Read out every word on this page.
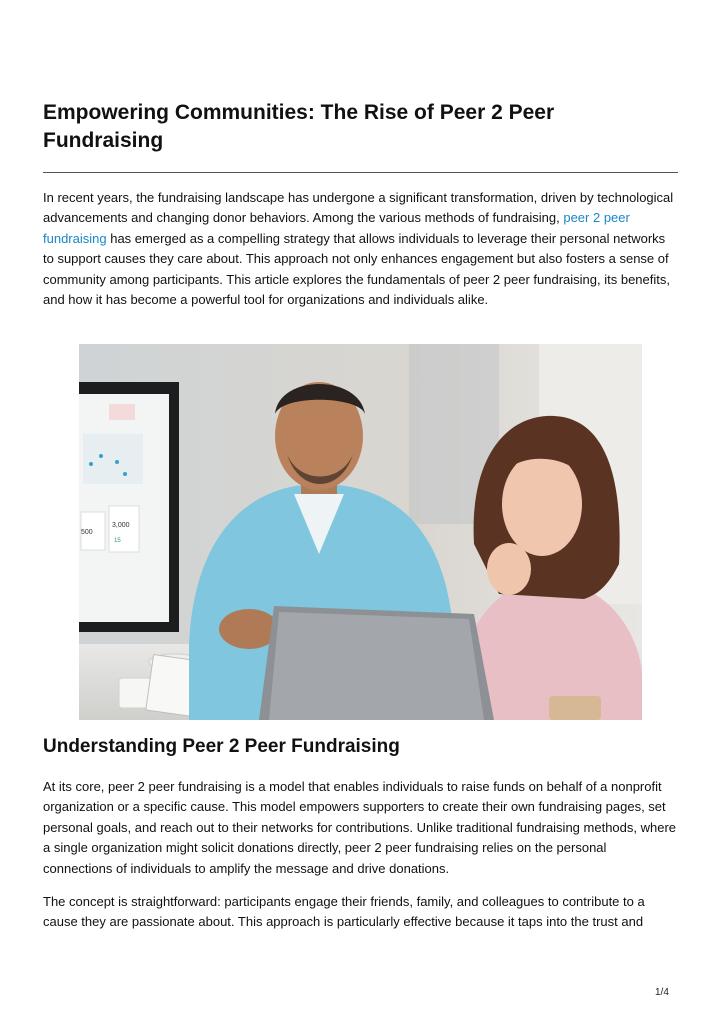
Empowering Communities: The Rise of Peer 2 Peer Fundraising

In recent years, the fundraising landscape has undergone a significant transformation, driven by technological advancements and changing donor behaviors. Among the various methods of fundraising, peer 2 peer fundraising has emerged as a compelling strategy that allows individuals to leverage their personal networks to support causes they care about. This approach not only enhances engagement but also fosters a sense of community among participants. This article explores the fundamentals of peer 2 peer fundraising, its benefits, and how it has become a powerful tool for organizations and individuals alike.

500
3,000
15
Understanding Peer 2 Peer Fundraising

At its core, peer 2 peer fundraising is a model that enables individuals to raise funds on behalf of a nonprofit organization or a specific cause. This model empowers supporters to create their own fundraising pages, set personal goals, and reach out to their networks for contributions. Unlike traditional fundraising methods, where a single organization might solicit donations directly, peer 2 peer fundraising relies on the personal connections of individuals to amplify the message and drive donations.

The concept is straightforward: participants engage their friends, family, and colleagues to contribute to a cause they are passionate about. This approach is particularly effective because it taps into the trust and

1/4
